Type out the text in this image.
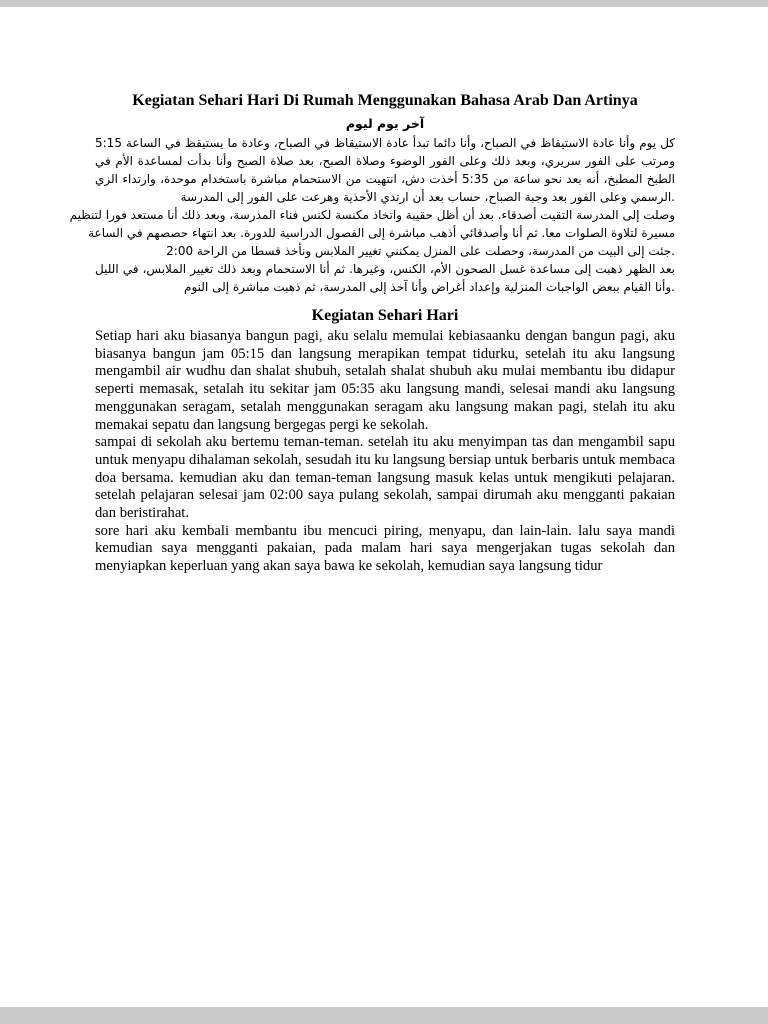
Kegiatan Sehari Hari Di Rumah Menggunakan Bahasa Arab Dan Artinya
آخر يوم ليوم
كل يوم وأنا عادة الاستيقاظ في الصباح، وأنا دائما تبدأ عادة الاستيقاظ في الصباح، وعادة ما يستيقظ في الساعة 5:15
ومرتب على الفور سريري، وبعد ذلك وعلى الفور الوضوء وصلاة الصبح، بعد صلاة الصبح وأنا بدأت لمساعدة الأم في
الطبخ المطبخ، أنه بعد نحو ساعة من 5:35 أخذت دش، انتهيت من الاستحمام مباشرة باستخدام موحدة، وارتداء الزي
.الرسمي وعلى الفور بعد وجبة الصباح، حساب بعد أن ارتدي الأحذية وهرعت على الفور إلى المدرسة
وصلت إلى المدرسة التقيت أصدقاء. بعد أن أظل حقيبة واتخاذ مكنسة لكنس فناء المدرسة، وبعد ذلك أنا مستعد فورا لتنظيم
مسيرة لتلاوة الصلوات معا. ثم أنا وأصدقائي أذهب مباشرة إلى الفصول الدراسية للدورة. بعد انتهاء حصصهم في الساعة
.جئت إلى البيت من المدرسة، وحصلت على المنزل يمكنني تغيير الملابس ونأخذ قسطا من الراحة 2:00
بعد الظهر ذهبت إلى مساعدة غسل الصحون الأم، الكنس، وغيرها. ثم أنا الاستحمام وبعد ذلك تغيير الملابس، في الليل
.وأنا القيام ببعض الواجبات المنزلية وإعداد أغراض وأنا آخذ إلى المدرسة، ثم ذهبت مباشرة إلى النوم
Kegiatan Sehari Hari

Setiap hari aku biasanya bangun pagi, aku selalu memulai kebiasaanku dengan bangun pagi, aku biasanya bangun jam 05:15 dan langsung merapikan tempat tidurku, setelah itu aku langsung mengambil air wudhu dan shalat shubuh, setalah shalat shubuh aku mulai membantu ibu didapur seperti memasak, setalah itu sekitar jam 05:35 aku langsung mandi, selesai mandi aku langsung menggunakan seragam, setalah menggunakan seragam aku langsung makan pagi, stelah itu aku memakai sepatu dan langsung bergegas pergi ke sekolah.

sampai di sekolah aku bertemu teman-teman. setelah itu aku menyimpan tas dan mengambil sapu untuk menyapu dihalaman sekolah, sesudah itu ku langsung bersiap untuk berbaris untuk membaca doa bersama. kemudian aku dan teman-teman langsung masuk kelas untuk mengikuti pelajaran. setelah pelajaran selesai jam 02:00 saya pulang sekolah, sampai dirumah aku mengganti pakaian dan beristirahat.

sore hari aku kembali membantu ibu mencuci piring, menyapu, dan lain-lain. lalu saya mandi kemudian saya mengganti pakaian, pada malam hari saya mengerjakan tugas sekolah dan menyiapkan keperluan yang akan saya bawa ke sekolah, kemudian saya langsung tidur
